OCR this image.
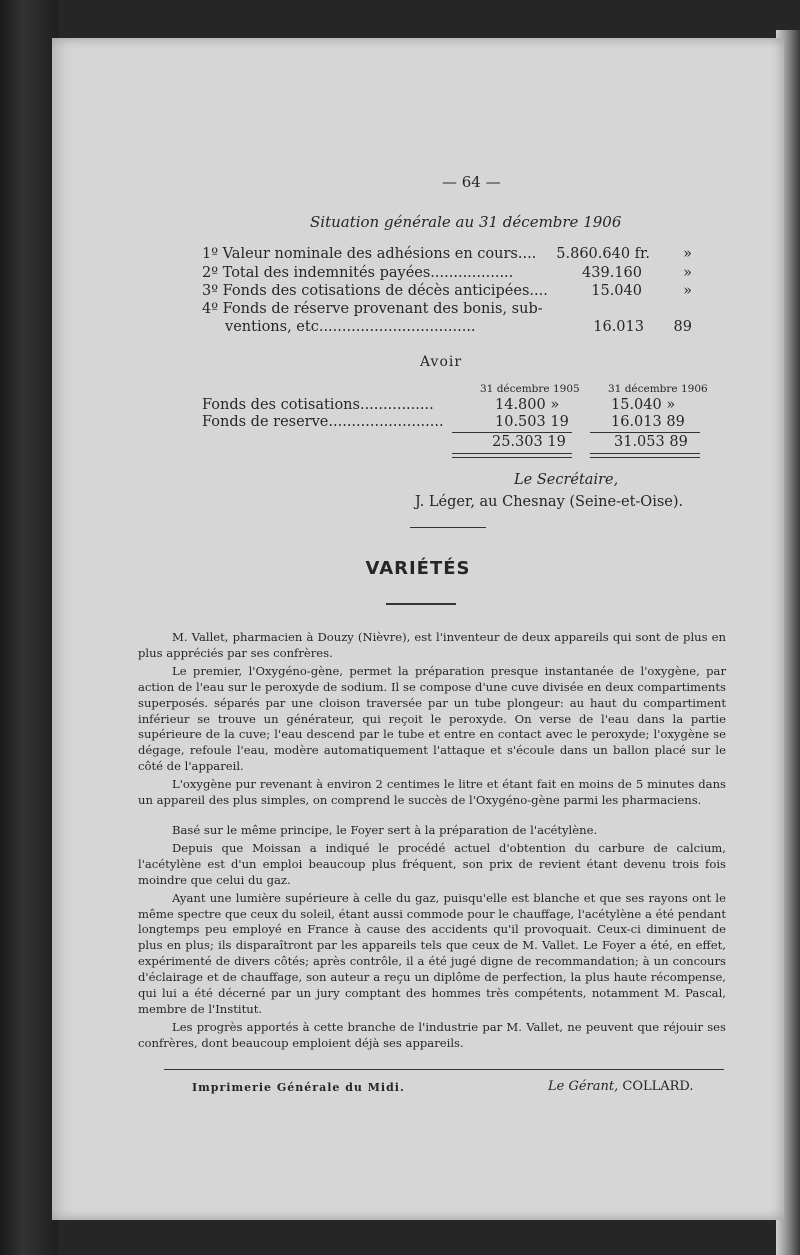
— 64 —
Situation générale au 31 décembre 1906
1º Valeur nominale des adhésions en cours.... 5.860.640 fr. »
2º Total des indemnités payées..................	439.160	»
3º Fonds des cotisations de décès anticipées....	15.040	»
4º Fonds de réserve provenant des bonis, sub-
ventions, etc..................................	16.013 89
Avoir
31 décembre 1905	31 décembre 1906
Fonds des cotisations................	14.800 »	15.040 »
Fonds de reserve.........................	10.503 19	16.013 89
25.303 19	31.053 89
Le Secrétaire,
J. Léger, au Chesnay (Seine-et-Oise).
VARIÉTÉS

M. Vallet, pharmacien à Douzy (Nièvre), est l'inventeur de deux appareils qui sont de plus en plus appréciés par ses confrères.

Le premier, l'Oxygéno-gène, permet la préparation presque instantanée de l'oxygène, par action de l'eau sur le peroxyde de sodium. Il se compose d'une cuve divisée en deux compartiments superposés. séparés par une cloison traversée par un tube plongeur: au haut du compartiment inférieur se trouve un générateur, qui reçoit le peroxyde. On verse de l'eau dans la partie supérieure de la cuve; l'eau descend par le tube et entre en contact avec le peroxyde; l'oxygène se dégage, refoule l'eau, modère automatiquement l'attaque et s'écoule dans un ballon placé sur le côté de l'appareil.

L'oxygène pur revenant à environ 2 centimes le litre et étant fait en moins de 5 minutes dans un appareil des plus simples, on comprend le succès de l'Oxygéno-gène parmi les pharmaciens.

Basé sur le même principe, le Foyer sert à la préparation de l'acétylène.

Depuis que Moissan a indiqué le procédé actuel d'obtention du carbure de calcium, l'acétylène est d'un emploi beaucoup plus fréquent, son prix de revient étant devenu trois fois moindre que celui du gaz.

Ayant une lumière supérieure à celle du gaz, puisqu'elle est blanche et que ses rayons ont le même spectre que ceux du soleil, étant aussi commode pour le chauffage, l'acétylène a été pendant longtemps peu employé en France à cause des accidents qu'il provoquait. Ceux-ci diminuent de plus en plus; ils disparaîtront par les appareils tels que ceux de M. Vallet. Le Foyer a été, en effet, expérimenté de divers côtés; après contrôle, il a été jugé digne de recommandation; à un concours d'éclairage et de chauffage, son auteur a reçu un diplôme de perfection, la plus haute récompense, qui lui a été décerné par un jury comptant des hommes très compétents, notamment M. Pascal, membre de l'Institut.

Les progrès apportés à cette branche de l'industrie par M. Vallet, ne peuvent que réjouir ses confrères, dont beaucoup emploient déjà ses appareils.

Imprimerie Générale du Midi.	Le Gérant, COLLARD.
